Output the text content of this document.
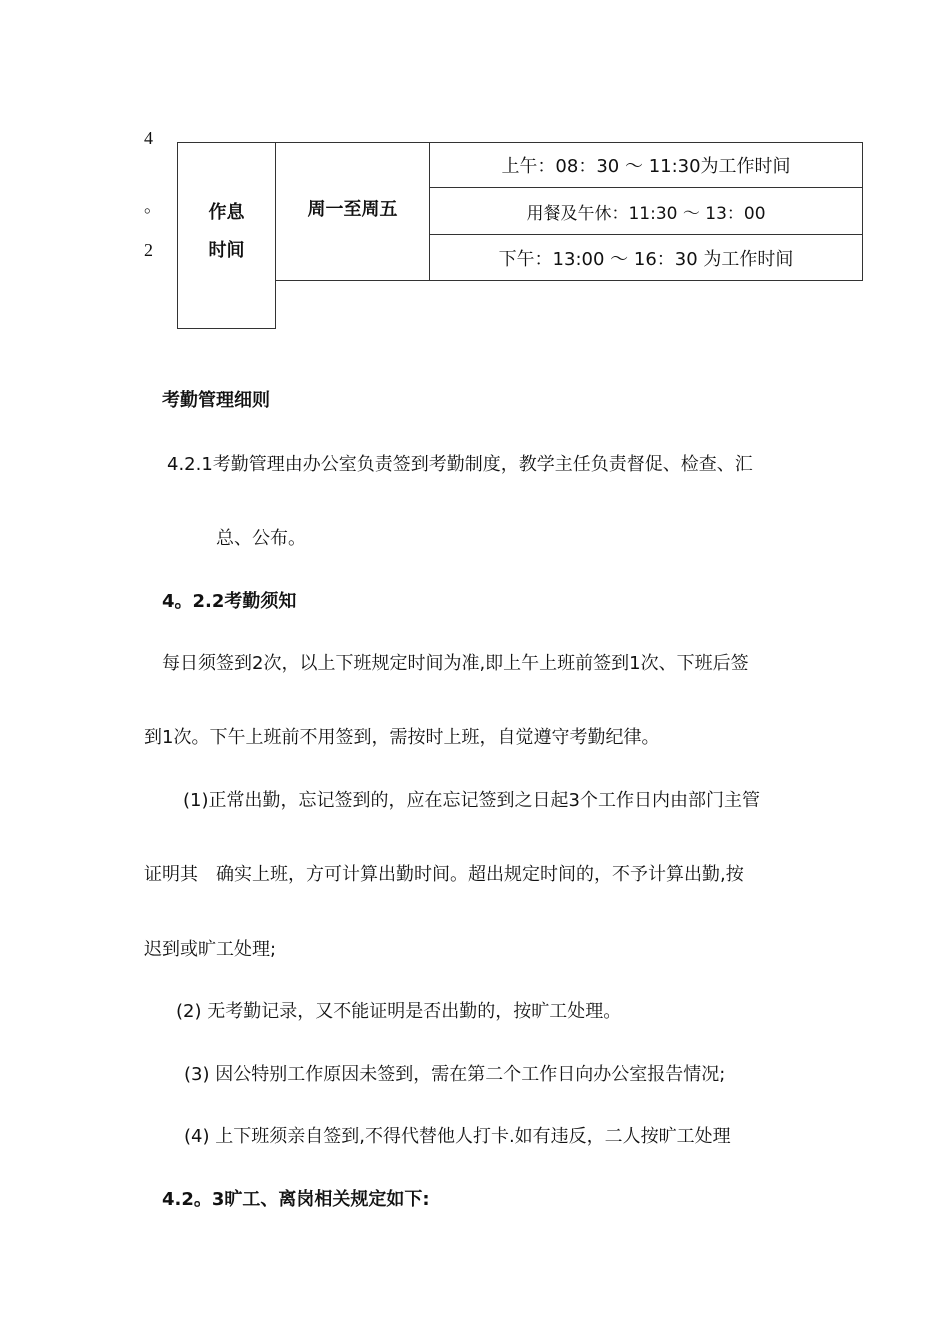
4
。
2
作息
时间
周一至周五
上午：08：30 ～ 11:30为工作时间
用餐及午休：11:30 ～ 13：00
下午：13:00 ～ 16：30 为工作时间
考勤管理细则
4.2.1考勤管理由办公室负责签到考勤制度，教学主任负责督促、检查、汇
总、公布。
4。2.2考勤须知
每日须签到2次，以上下班规定时间为准,即上午上班前签到1次、下班后签
到1次。下午上班前不用签到，需按时上班，自觉遵守考勤纪律。
(1)正常出勤，忘记签到的，应在忘记签到之日起3个工作日内由部门主管
证明其　确实上班，方可计算出勤时间。超出规定时间的，不予计算出勤,按
迟到或旷工处理;
(2) 无考勤记录，又不能证明是否出勤的，按旷工处理。
(3) 因公特别工作原因未签到，需在第二个工作日向办公室报告情况;
(4) 上下班须亲自签到,不得代替他人打卡.如有违反，二人按旷工处理
4.2。3旷工、离岗相关规定如下:
